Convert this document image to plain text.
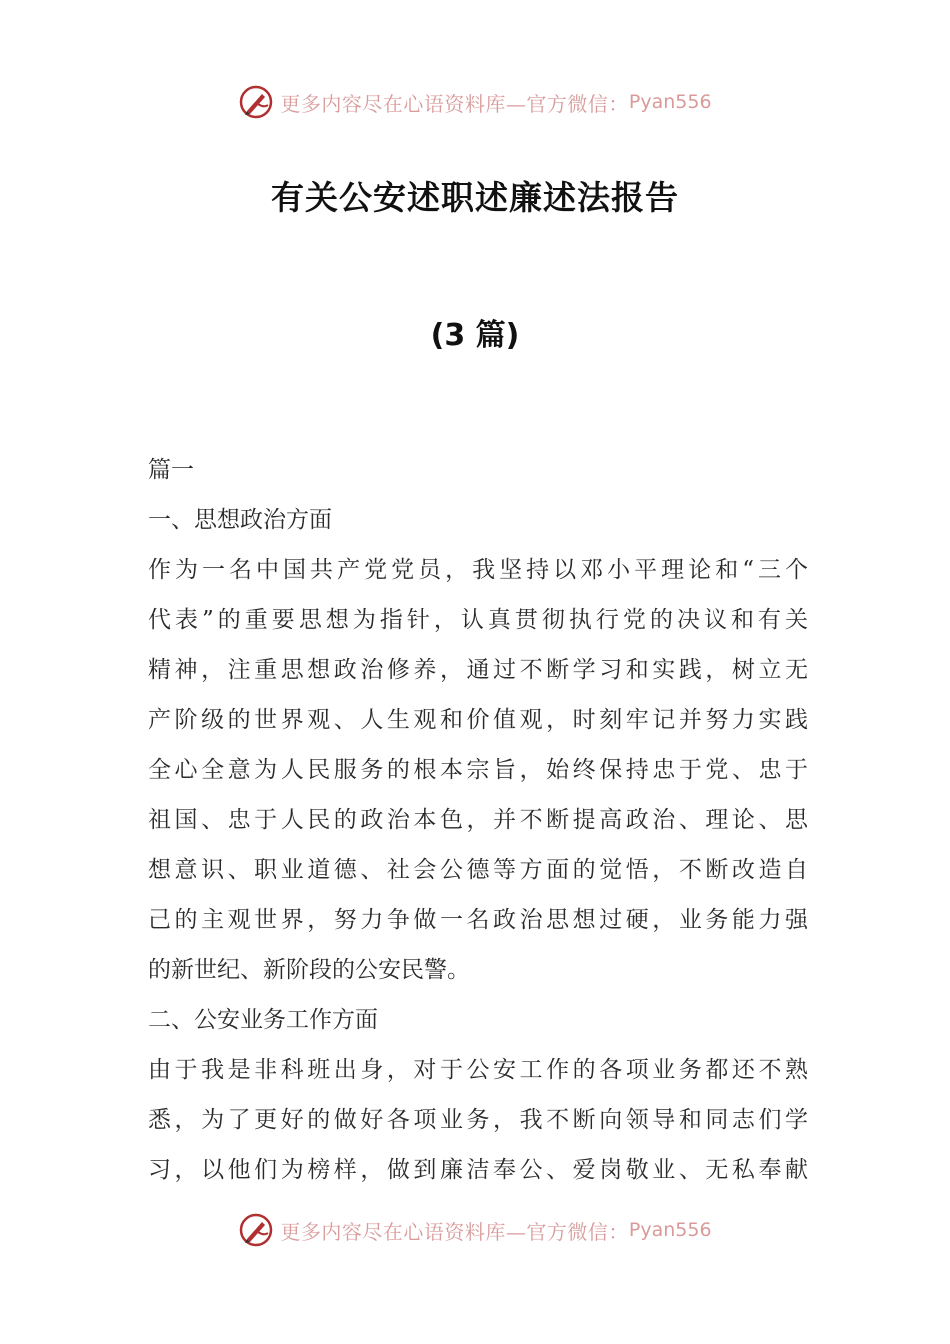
更多内容尽在心语资料库—官方微信： Pyan556
有关公安述职述廉述法报告
(3 篇)
篇一
一、思想政治方面
作为一名中国共产党党员，我坚持以邓小平理论和“三个
代表”的重要思想为指针，认真贯彻执行党的决议和有关
精神，注重思想政治修养，通过不断学习和实践，树立无
产阶级的世界观、人生观和价值观，时刻牢记并努力实践
全心全意为人民服务的根本宗旨，始终保持忠于党、忠于
祖国、忠于人民的政治本色，并不断提高政治、理论、思
想意识、职业道德、社会公德等方面的觉悟，不断改造自
己的主观世界，努力争做一名政治思想过硬，业务能力强
的新世纪、新阶段的公安民警。
二、公安业务工作方面
由于我是非科班出身，对于公安工作的各项业务都还不熟
悉，为了更好的做好各项业务，我不断向领导和同志们学
习，以他们为榜样，做到廉洁奉公、爱岗敬业、无私奉献
更多内容尽在心语资料库—官方微信： Pyan556
